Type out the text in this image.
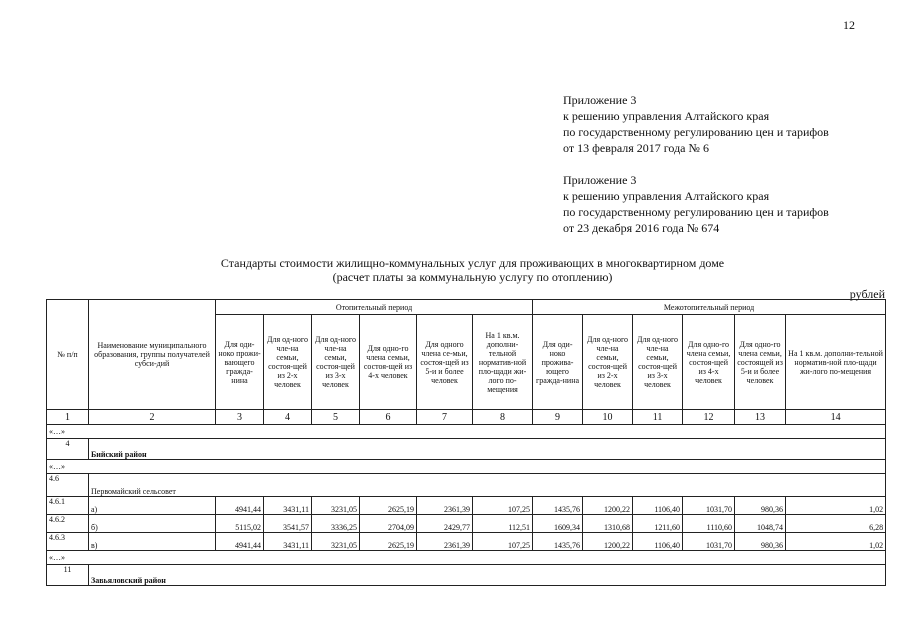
12
Приложение 3
к решению управления Алтайского края
по государственному регулированию цен и тарифов
от 13 февраля 2017 года № 6
Приложение 3
к решению управления Алтайского края
по государственному регулированию цен и тарифов
от 23 декабря 2016 года № 674
Стандарты стоимости жилищно-коммунальных услуг для проживающих в многоквартирном доме
(расчет платы за коммунальную услугу по отоплению)
рублей
№ п/п	Наименование муниципального образования, группы получателей субси-дий	Отопительный период						Межотопительный период					
		Для оди-ноко прожи-вающего гражда-нина	Для од-ного чле-на семьи, состоя-щей из 2-х человек	Для од-ного чле-на семьи, состоя-щей из 3-х человек	Для одно-го члена семьи, состоя-щей из 4-х человек	Для одного члена се-мьи, состоя-щей из 5-и и более человек	На 1 кв.м. дополни-тельной норматив-ной пло-щади жи-лого по-мещения	Для оди-ноко прожива-ющего гражда-нина	Для од-ного чле-на семьи, состоя-щей из 2-х человек	Для од-ного чле-на семьи, состоя-щей из 3-х человек	Для одно-го члена семьи, состоя-щей из 4-х человек	Для одно-го члена семьи, состоящей из 5-и и более человек	На 1 кв.м. дополни-тельной норматив-ной пло-щади жи-лого по-мещения
1	2	3	4	5	6	7	8	9	10	11	12	13	14
«…»													
4	Бийский район												
«…»													
4.6	Первомайский сельсовет												
4.6.1	а)	4941,44	3431,11	3231,05	2625,19	2361,39	107,25	1435,76	1200,22	1106,40	1031,70	980,36	1,02
4.6.2	б)	5115,02	3541,57	3336,25	2704,09	2429,77	112,51	1609,34	1310,68	1211,60	1110,60	1048,74	6,28
4.6.3	в)	4941,44	3431,11	3231,05	2625,19	2361,39	107,25	1435,76	1200,22	1106,40	1031,70	980,36	1,02
«…»													
11	Завьяловский район												
